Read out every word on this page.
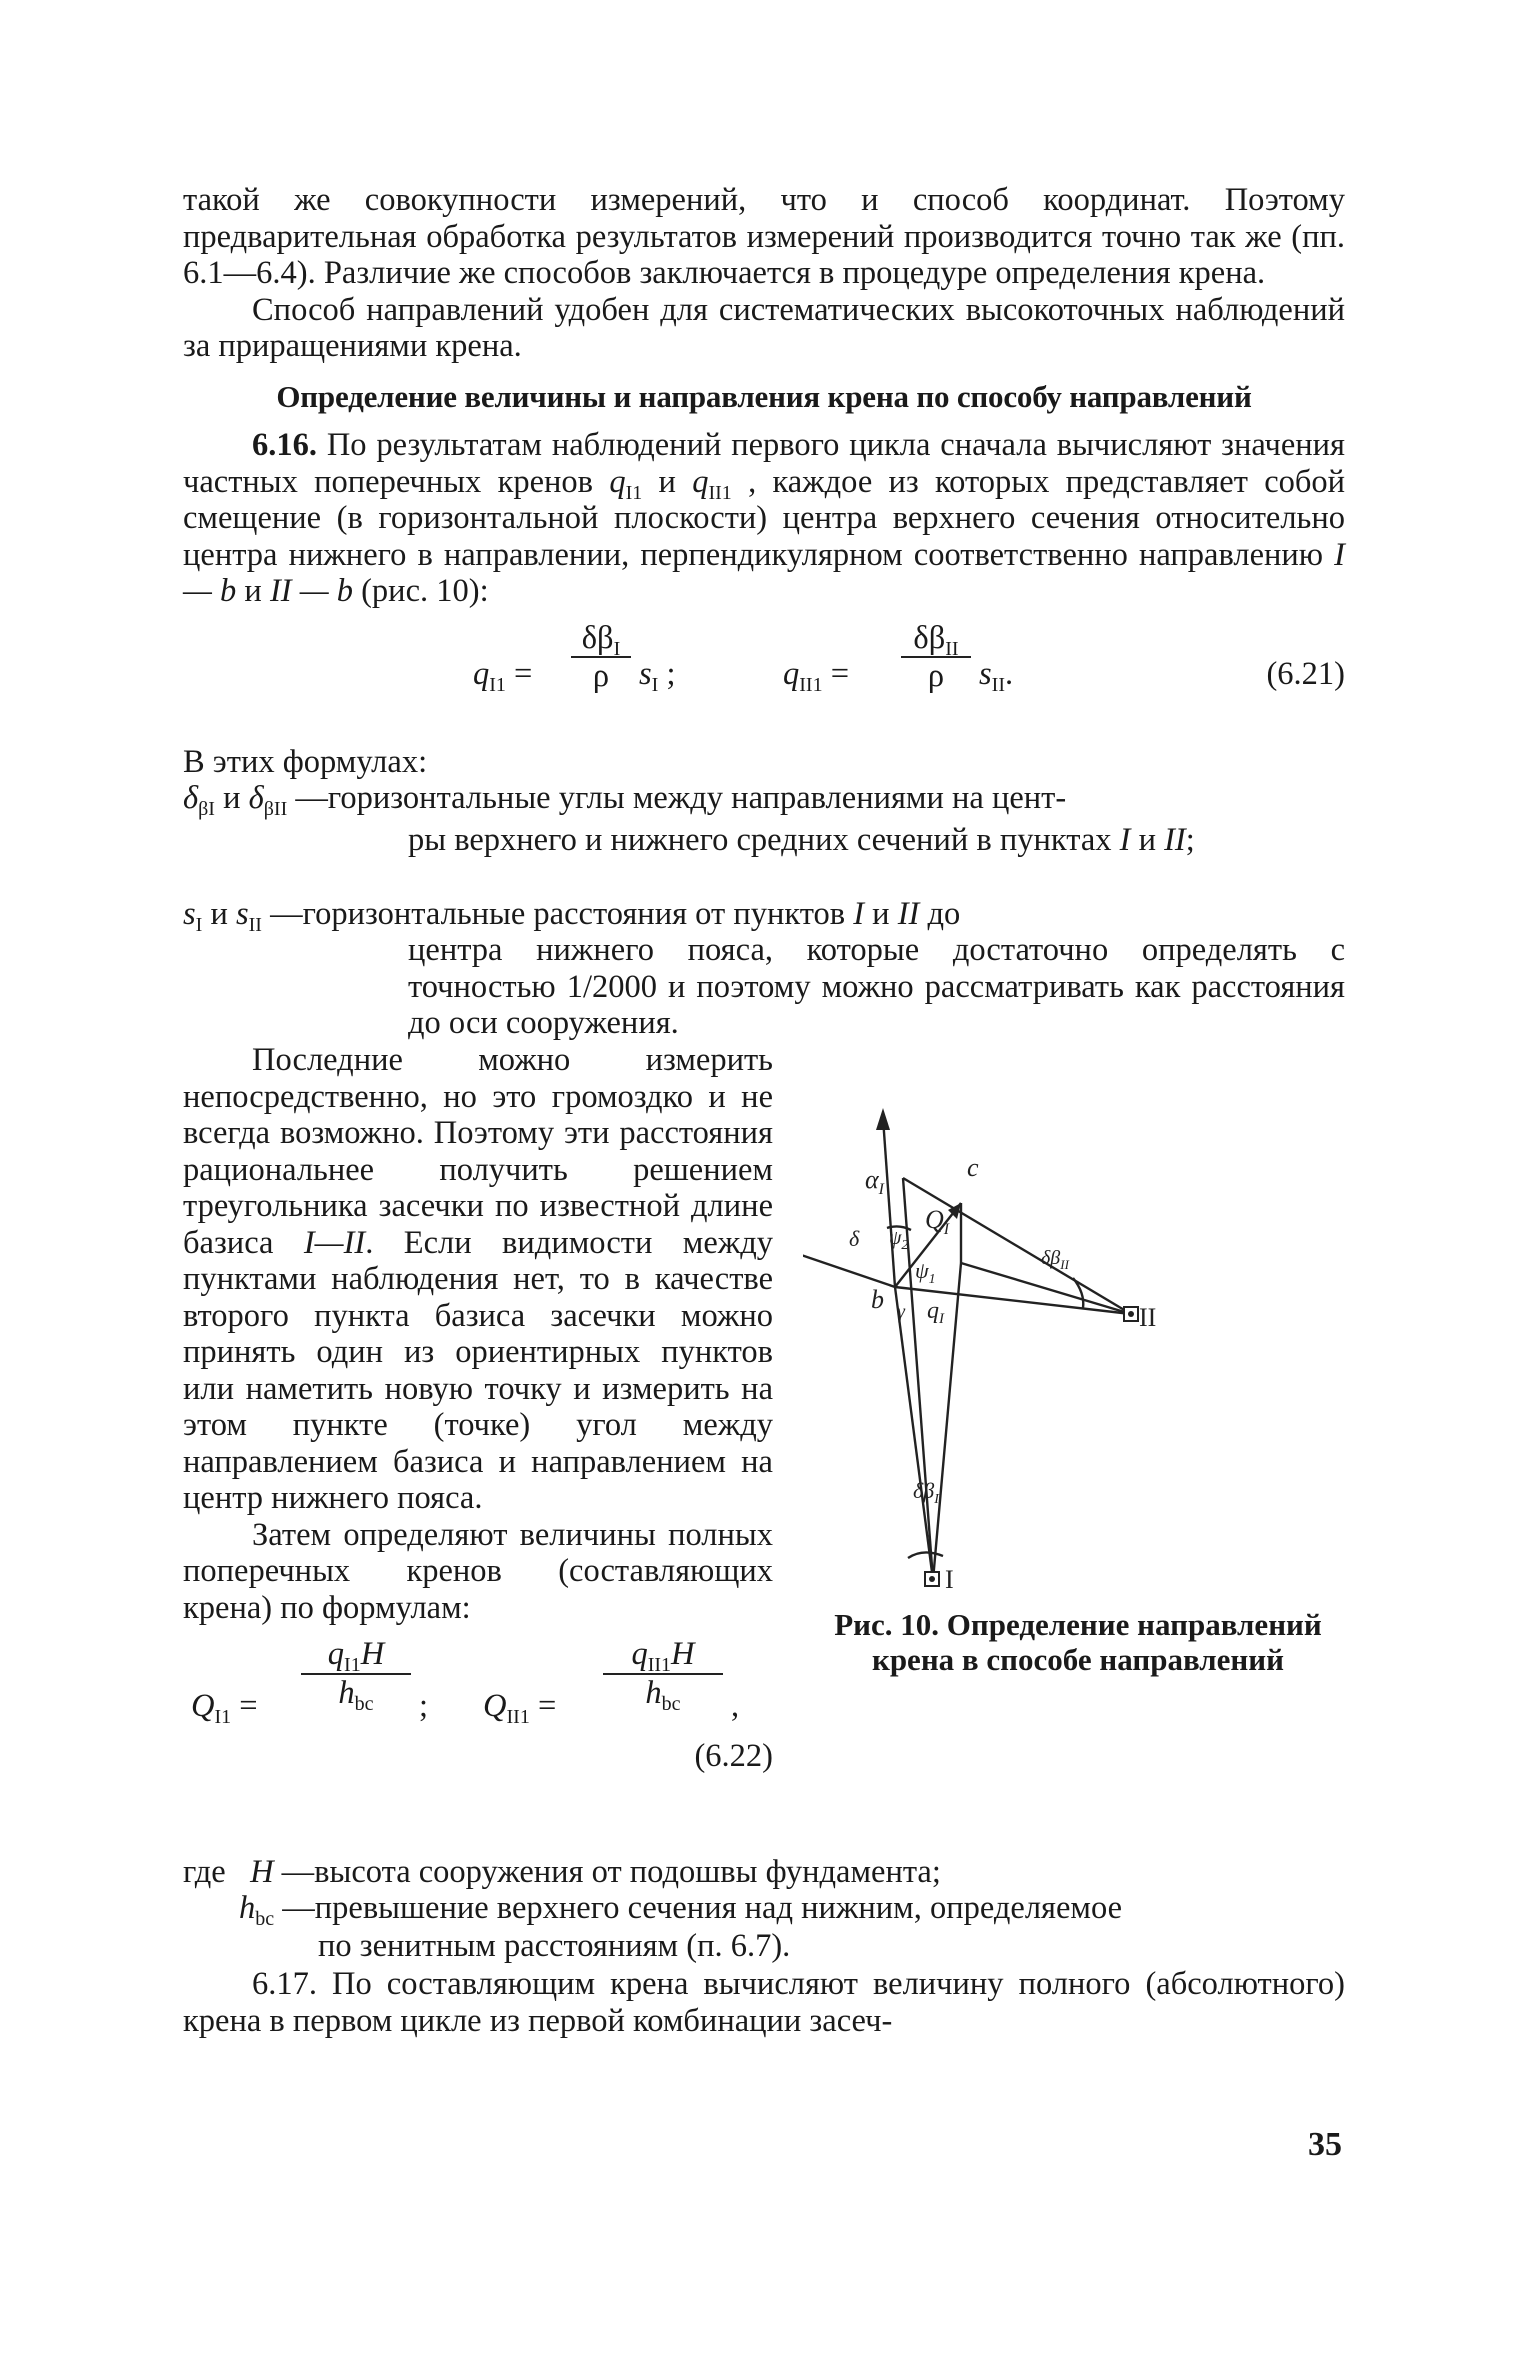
такой же совокупности измерений, что и способ координат. Поэтому предварительная обработка результатов измерений производится точно так же (пп. 6.1—6.4). Различие же способов заключается в процедуре определения крена.

Способ направлений удобен для систематических высокоточных наблюдений за приращениями крена.

Определение величины и направления крена по способу направлений

6.16. По результатам наблюдений первого цикла сначала вычисляют значения частных поперечных кренов $q_{I1}$ и $q_{II1}$ , каждое из которых представляет собой смещение (в горизонтальной плоскости) центра верхнего сечения относительно центра нижнего в направлении, перпендикулярном соответственно направлению I — b и II — b (рис. 10):

$q_{I1}$ =
$\delta\beta_I$
ρ $s_I$ ;	$q_{II1}$ =
$\delta\beta_{II}$
ρ	$s_{II}$.	(6.21)

В этих формулах:

$\delta_{\beta I}$ и $\delta_{\beta II}$ —горизонтальные углы между направлениями на цент-
ры верхнего и нижнего средних сечений в пунктах I и II;
$s_I$ и $s_{II}$ —горизонтальные расстояния от пунктов I и II до
центра нижнего пояса, которые достаточно определять с точностью 1/2000 и поэтому можно рассматривать как расстояния до оси сооружения.

Последние можно измерить непосредственно, но это громоздко и не всегда возможно. Поэтому эти расстояния рациональнее получить решением треугольника засечки по известной длине базиса I—II. Если видимости между пунктами наблюдения нет, то в качестве второго пункта базиса засечки можно принять один из ориентирных пунктов или наметить новую точку и измерить на этом пункте (точке) угол между направлением базиса и направлением на центр нижнего пояса.

Затем определяют величины полных поперечных кренов (составляющих крена) по формулам:

$Q_{I1}$ =
$q_{I1}H$
$h_{bc}$	; $Q_{II1}$ =
$q_{II1}H$
$h_{bc}$	,
(6.22)
$\alpha_I$
$Q_I$
c
b
$\psi_1$
$\psi_2$
$q_I$
γ
δ
$\delta\beta_I$
$\delta\beta_{II}$
I
II
Рис. 10. Определение направлений крена в способе направлений
где H —высота сооружения от подошвы фундамента;
$h_{bc}$ —превышение верхнего сечения над нижним, определяемое
по зенитным расстояниям (п. 6.7).

6.17. По составляющим крена вычисляют величину полного (абсолютного) крена в первом цикле из первой комбинации засеч-

35
